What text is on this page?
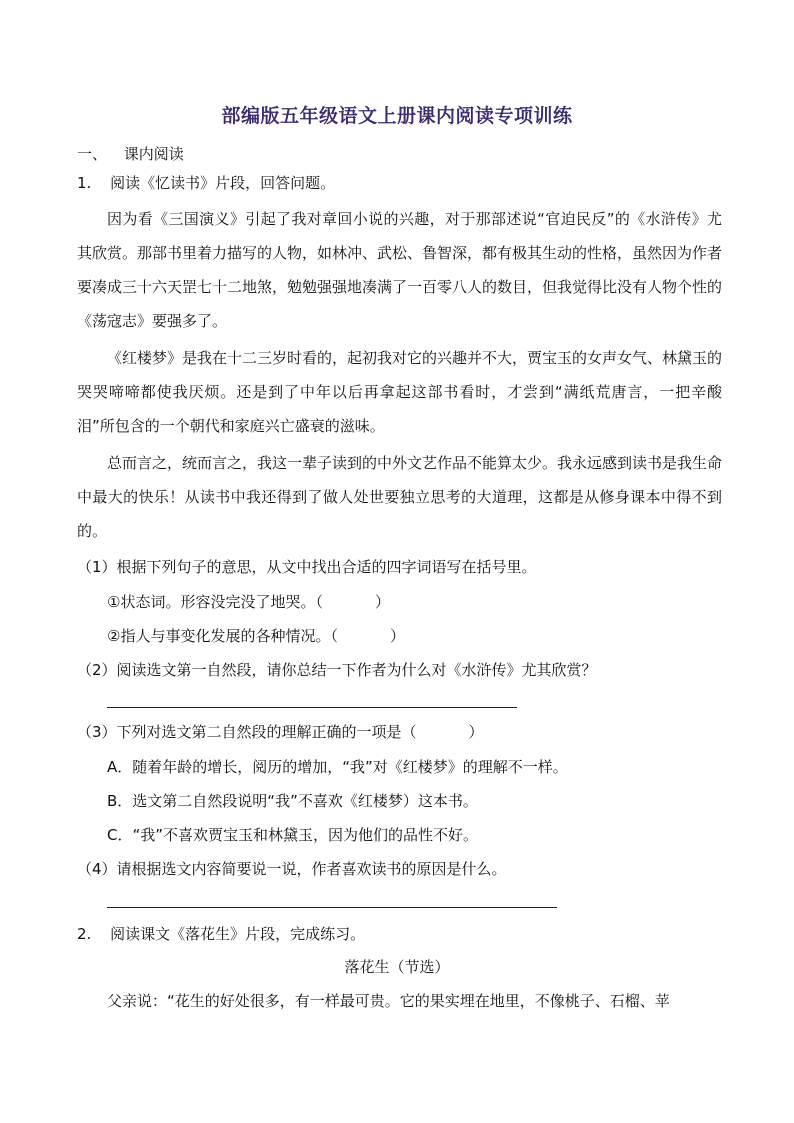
部编版五年级语文上册课内阅读专项训练
一、 课内阅读
1. 阅读《忆读书》片段，回答问题。
因为看《三国演义》引起了我对章回小说的兴趣，对于那部述说“官迫民反”的《水浒传》尤其欣赏。那部书里着力描写的人物，如林冲、武松、鲁智深，都有极其生动的性格，虽然因为作者要凑成三十六天罡七十二地煞，勉勉强强地凑满了一百零八人的数目，但我觉得比没有人物个性的《荡寇志》要强多了。
《红楼梦》是我在十二三岁时看的，起初我对它的兴趣并不大，贾宝玉的女声女气、林黛玉的哭哭啼啼都使我厌烦。还是到了中年以后再拿起这部书看时，才尝到“满纸荒唐言，一把辛酸泪”所包含的一个朝代和家庭兴亡盛衰的滋味。
总而言之，统而言之，我这一辈子读到的中外文艺作品不能算太少。我永远感到读书是我生命中最大的快乐！从读书中我还得到了做人处世要独立思考的大道理，这都是从修身课本中得不到的。
（1）根据下列句子的意思，从文中找出合适的四字词语写在括号里。
①状态词。形容没完没了地哭。（	）
②指人与事变化发展的各种情况。（	）
（2）阅读选文第一自然段，请你总结一下作者为什么对《水浒传》尤其欣赏？
（3）下列对选文第二自然段的理解正确的一项是（	）
A．随着年龄的增长，阅历的增加，“我”对《红楼梦》的理解不一样。
B．选文第二自然段说明“我”不喜欢《红楼梦）这本书。
C．“我”不喜欢贾宝玉和林黛玉，因为他们的品性不好。
（4）请根据选文内容简要说一说，作者喜欢读书的原因是什么。
2. 阅读课文《落花生》片段，完成练习。
落花生（节选）
父亲说：“花生的好处很多，有一样最可贵。它的果实埋在地里，不像桃子、石榴、苹
